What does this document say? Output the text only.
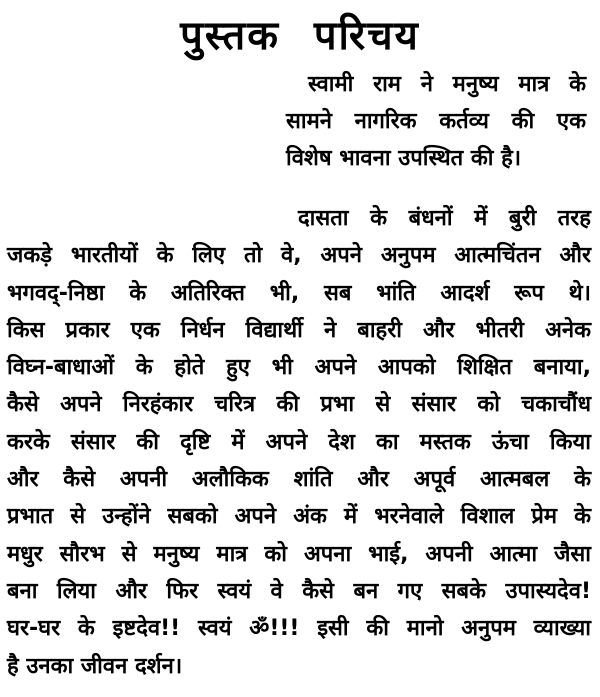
पुस्तक परिचय
स्वामी राम ने मनुष्य मात्र के
सामने नागरिक कर्तव्य की एक
विशेष भावना उपस्थित की है।
दासता के बंधनों में बुरी तरह
जकड़े भारतीयों के लिए तो वे, अपने अनुपम आत्मचिंतन और
भगवद्-निष्ठा के अतिरिक्त भी, सब भांति आदर्श रूप थे।
किस प्रकार एक निर्धन विद्यार्थी ने बाहरी और भीतरी अनेक
विघ्न-बाधाओं के होते हुए भी अपने आपको शिक्षित बनाया,
कैसे अपने निरहंकार चरित्र की प्रभा से संसार को चकाचौंध
करके संसार की दृष्टि में अपने देश का मस्तक ऊंचा किया
और कैसे अपनी अलौकिक शांति और अपूर्व आत्मबल के
प्रभात से उन्होंने सबको अपने अंक में भरनेवाले विशाल प्रेम के
मधुर सौरभ से मनुष्य मात्र को अपना भाई, अपनी आत्मा जैसा
बना लिया और फिर स्वयं वे कैसे बन गए सबके उपास्यदेव!
घर-घर के इष्टदेव!! स्वयं ॐ!!! इसी की मानो अनुपम व्याख्या
है उनका जीवन दर्शन।
